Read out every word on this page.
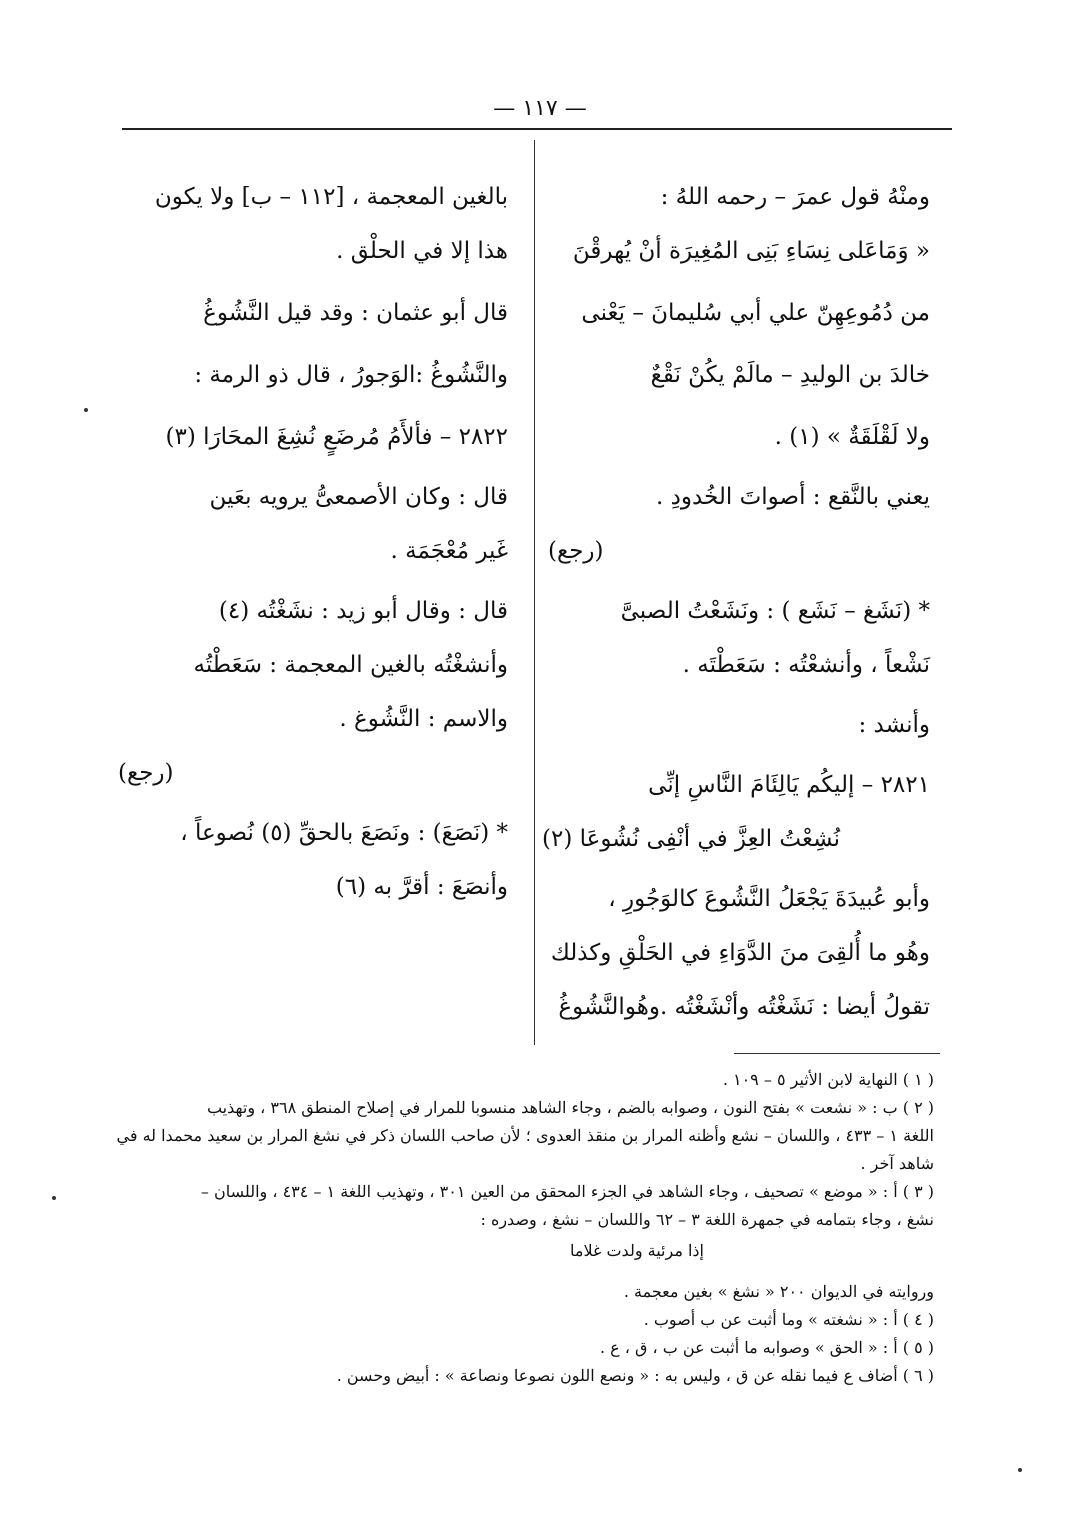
— ١١٧ —
ومنْهُ قول عمرَ – رحمه اللهُ :
« وَمَاعَلى نِسَاءِ بَنِى المُغِيرَة أنْ يُهرقْنَ
من دُمُوعِهِنّ علي أبي سُليمانَ – يَعْنى
خالدَ بن الوليدِ – مالَمْ يكُنْ نَقْعٌ
ولا لَقْلَقَةٌ » (١) .
يعني بالنَّقع : أصواتَ الخُدودِ .
(رجع)
* (نَشَغ – نَشَع ) : ونَشَعْتُ الصبىَّ
نَشْعاً ، وأنشعْتُه : سَعَطْتَه .
وأنشد :
٢٨٢١ – إليكُم يَالِئَامَ النَّاسِ إنِّى
نُشِعْتُ العِزَّ في أنْفِى نُشُوعَا (٢)
وأبو عُبيدَةَ يَجْعَلُ النَّشُوعَ كالوَجُورِ ،
وهُو ما أُلقِىَ منَ الدَّوَاءِ في الحَلْقِ وكذلك
تقولُ أيضا : نَشَغْتُه وأنْشَغْتُه .وهُوالنَّشُوغُ
بالغين المعجمة ، [١١٢ – ب] ولا يكون
هذا إلا في الحلْق .
قال أبو عثمان : وقد قيل النَّشُوغُ
والنَّشُوغُ :الوَجورُ ، قال ذو الرمة :
٢٨٢٢ – فألأَمُ مُرضَعٍ نُشِغَ المحَارَا (٣)
قال : وكان الأصمعىُّ يرويه بعَين
غَير مُعْجَمَة .
قال : وقال أبو زيد : نشَغْتُه (٤)
وأنشغْتُه بالغين المعجمة : سَعَطْتُه
والاسم : النَّشُوغ .
(رجع)
* (نَصَعَ) : ونَصَعَ بالحقِّ (٥) نُصوعاً ،
وأنصَعَ : أقرَّ به (٦)
( ١ ) النهاية لابن الأثير ٥ – ١٠٩ .
( ٢ ) ب : « نشعت » بفتح النون ، وصوابه بالضم ، وجاء الشاهد منسوبا للمرار في إصلاح المنطق ٣٦٨ ، وتهذيب
اللغة ١ – ٤٣٣ ، واللسان – نشع وأظنه المرار بن منقذ العدوى ؛ لأن صاحب اللسان ذكر في نشغ المرار بن سعيد محمدا له في
شاهد آخر .
( ٣ ) أ : « موضع » تصحيف ، وجاء الشاهد في الجزء المحقق من العين ٣٠١ ، وتهذيب اللغة ١ – ٤٣٤ ، واللسان –
نشغ ، وجاء بتمامه في جمهرة اللغة ٣ – ٦٢ واللسان – نشغ ، وصدره :
إذا مرئية ولدت غلاما
وروايته في الديوان ٢٠٠ « نشغ » بغين معجمة .
( ٤ ) أ : « نشغته » وما أثبت عن ب أصوب .
( ٥ ) أ : « الحق » وصوابه ما أثبت عن ب ، ق ، ع .
( ٦ ) أضاف ع فيما نقله عن ق ، وليس به : « ونصع اللون نصوعا ونصاعة » : أبيض وحسن .
